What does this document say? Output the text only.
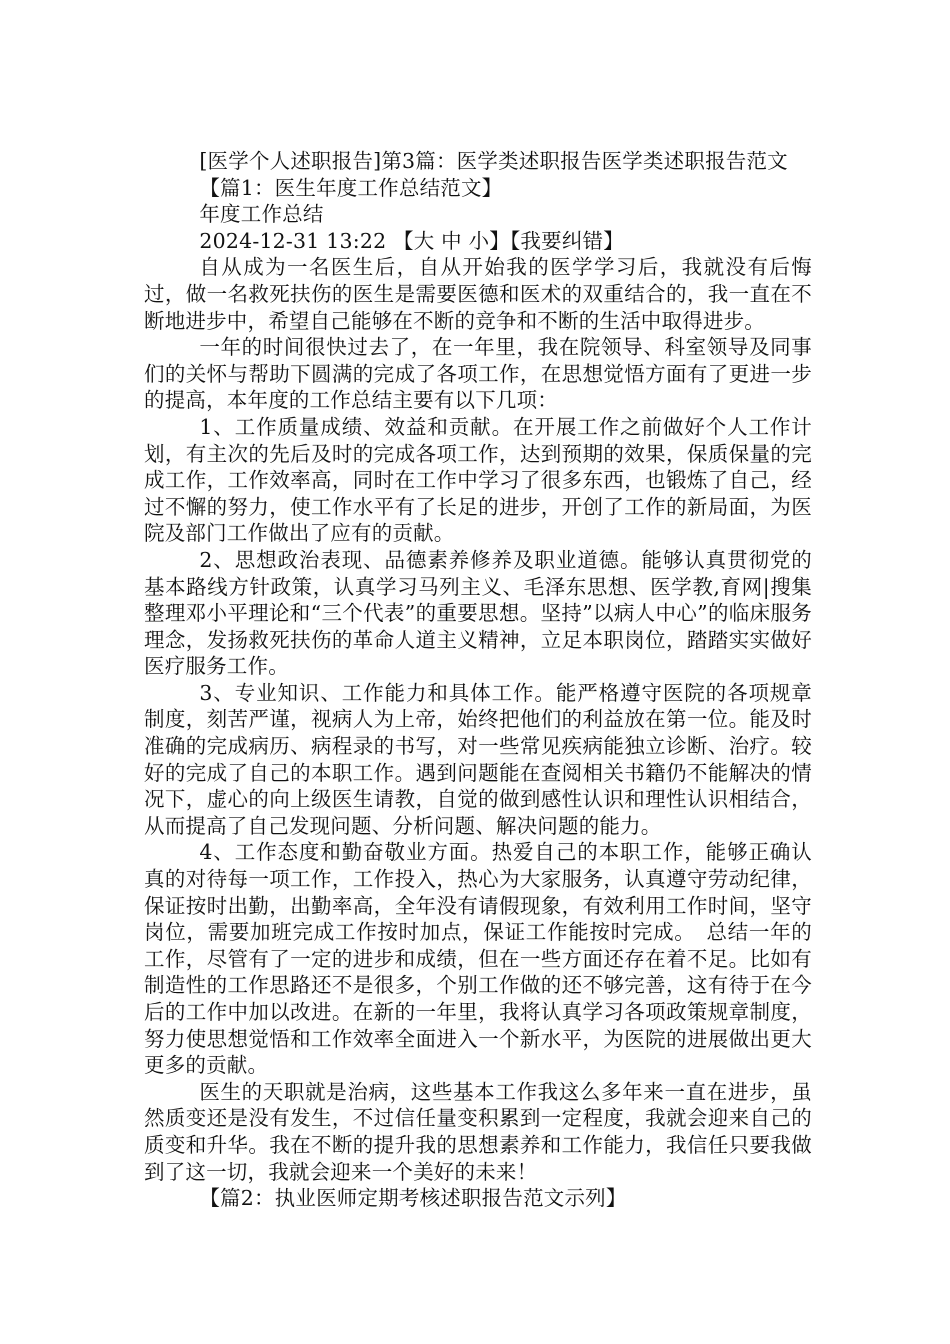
[医学个人述职报告]第3篇：医学类述职报告医学类述职报告范文

【篇1：医生年度工作总结范文】

年度工作总结

2024-12-31 13:22 【大 中 小】【我要纠错】

自从成为一名医生后，自从开始我的医学学习后，我就没有后悔过，做一名救死扶伤的医生是需要医德和医术的双重结合的，我一直在不断地进步中，希望自己能够在不断的竞争和不断的生活中取得进步。

一年的时间很快过去了，在一年里，我在院领导、科室领导及同事们的关怀与帮助下圆满的完成了各项工作，在思想觉悟方面有了更进一步的提高，本年度的工作总结主要有以下几项：

1、工作质量成绩、效益和贡献。在开展工作之前做好个人工作计划，有主次的先后及时的完成各项工作，达到预期的效果，保质保量的完成工作，工作效率高，同时在工作中学习了很多东西，也锻炼了自己，经过不懈的努力，使工作水平有了长足的进步，开创了工作的新局面，为医院及部门工作做出了应有的贡献。

2、思想政治表现、品德素养修养及职业道德。能够认真贯彻党的基本路线方针政策，认真学习马列主义、毛泽东思想、医学教,育网|搜集整理邓小平理论和“三个代表”的重要思想。坚持”以病人中心”的临床服务理念，发扬救死扶伤的革命人道主义精神，立足本职岗位，踏踏实实做好医疗服务工作。

3、专业知识、工作能力和具体工作。能严格遵守医院的各项规章制度，刻苦严谨，视病人为上帝，始终把他们的利益放在第一位。能及时准确的完成病历、病程录的书写，对一些常见疾病能独立诊断、治疗。较好的完成了自己的本职工作。遇到问题能在查阅相关书籍仍不能解决的情况下，虚心的向上级医生请教，自觉的做到感性认识和理性认识相结合，从而提高了自己发现问题、分析问题、解决问题的能力。

4、工作态度和勤奋敬业方面。热爱自己的本职工作，能够正确认真的对待每一项工作，工作投入，热心为大家服务，认真遵守劳动纪律，保证按时出勤，出勤率高，全年没有请假现象，有效利用工作时间，坚守岗位，需要加班完成工作按时加点，保证工作能按时完成。　总结一年的工作，尽管有了一定的进步和成绩，但在一些方面还存在着不足。比如有制造性的工作思路还不是很多，个别工作做的还不够完善，这有待于在今后的工作中加以改进。在新的一年里，我将认真学习各项政策规章制度，努力使思想觉悟和工作效率全面进入一个新水平，为医院的进展做出更大更多的贡献。

医生的天职就是治病，这些基本工作我这么多年来一直在进步，虽然质变还是没有发生，不过信任量变积累到一定程度，我就会迎来自己的质变和升华。我在不断的提升我的思想素养和工作能力，我信任只要我做到了这一切，我就会迎来一个美好的未来！

【篇2：执业医师定期考核述职报告范文示列】
